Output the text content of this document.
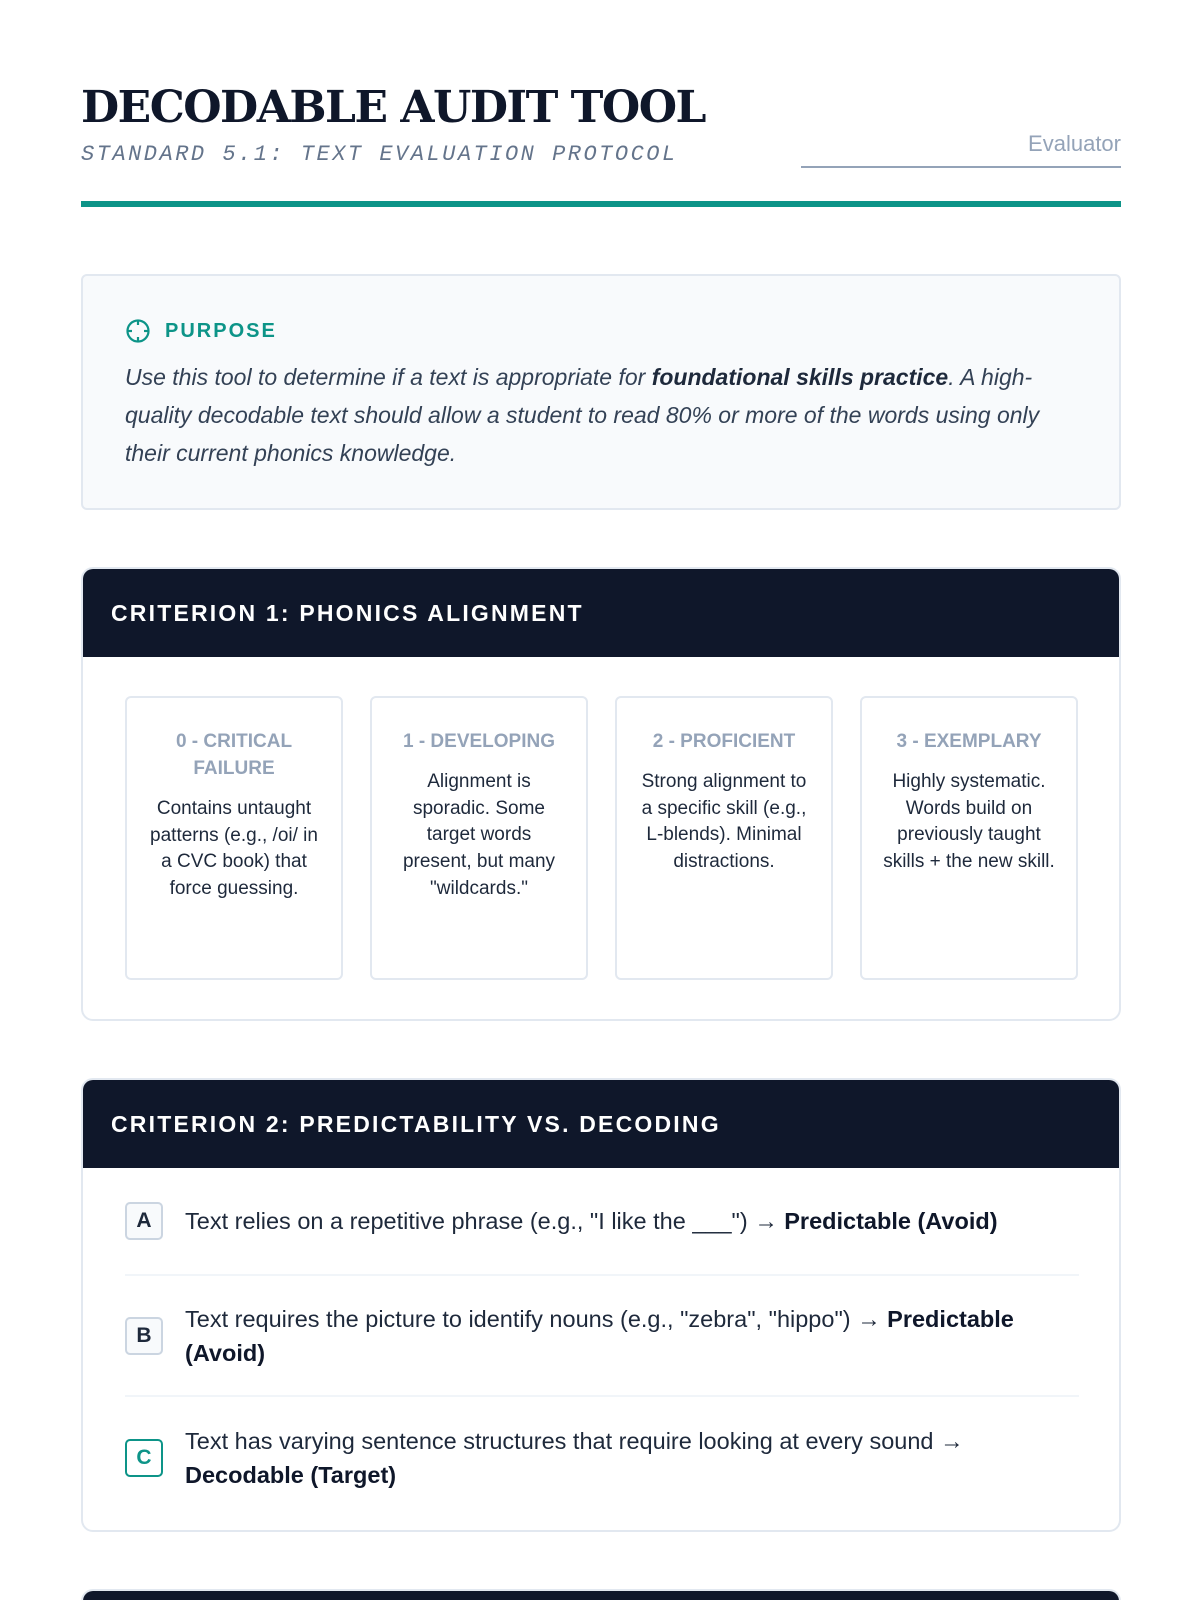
DECODABLE AUDIT TOOL
STANDARD 5.1: TEXT EVALUATION PROTOCOL
Evaluator
PURPOSE

Use this tool to determine if a text is appropriate for foundational skills practice. A high-quality decodable text should allow a student to read 80% or more of the words using only their current phonics knowledge.

CRITERION 1: PHONICS ALIGNMENT
0 - CRITICAL FAILURE
Contains untaught patterns (e.g., /oi/ in a CVC book) that force guessing.
1 - DEVELOPING
Alignment is sporadic. Some target words present, but many "wildcards."
2 - PROFICIENT
Strong alignment to a specific skill (e.g., L-blends). Minimal distractions.
3 - EXEMPLARY
Highly systematic. Words build on previously taught skills + the new skill.
CRITERION 2: PREDICTABILITY VS. DECODING
A	Text relies on a repetitive phrase (e.g., "I like the ___") → Predictable (Avoid)
B
Text requires the picture to identify nouns (e.g., "zebra", "hippo") → Predictable (Avoid)
C
Text has varying sentence structures that require looking at every sound → Decodable (Target)
